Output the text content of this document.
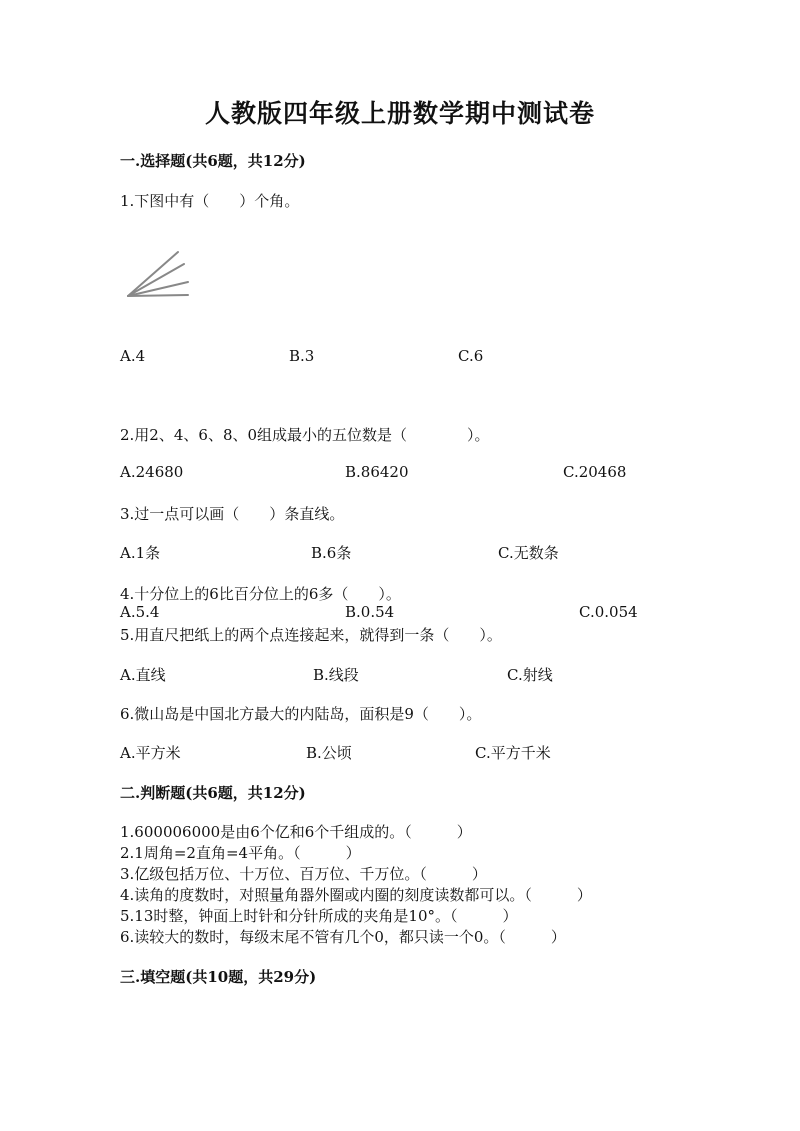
人教版四年级上册数学期中测试卷
一.选择题(共6题，共12分)
1.下图中有（　　）个角。
A.4	B.3	C.6
2.用2、4、6、8、0组成最小的五位数是（　　　　）。
A.24680	B.86420	C.20468
3.过一点可以画（　　）条直线。
A.1条	B.6条	C.无数条
4.十分位上的6比百分位上的6多（　　）。
A.5.4	B.0.54	C.0.054
5.用直尺把纸上的两个点连接起来，就得到一条（　　）。
A.直线	B.线段	C.射线
6.微山岛是中国北方最大的内陆岛，面积是9（　　）。
A.平方米	B.公顷	C.平方千米
二.判断题(共6题，共12分)
1.600006000是由6个亿和6个千组成的。（　　　）
2.1周角=2直角=4平角。（　　　）
3.亿级包括万位、十万位、百万位、千万位。（　　　）
4.读角的度数时，对照量角器外圈或内圈的刻度读数都可以。（　　　）
5.13时整，钟面上时针和分针所成的夹角是10°。（　　　）
6.读较大的数时，每级末尾不管有几个0，都只读一个0。（　　　）
三.填空题(共10题，共29分)
